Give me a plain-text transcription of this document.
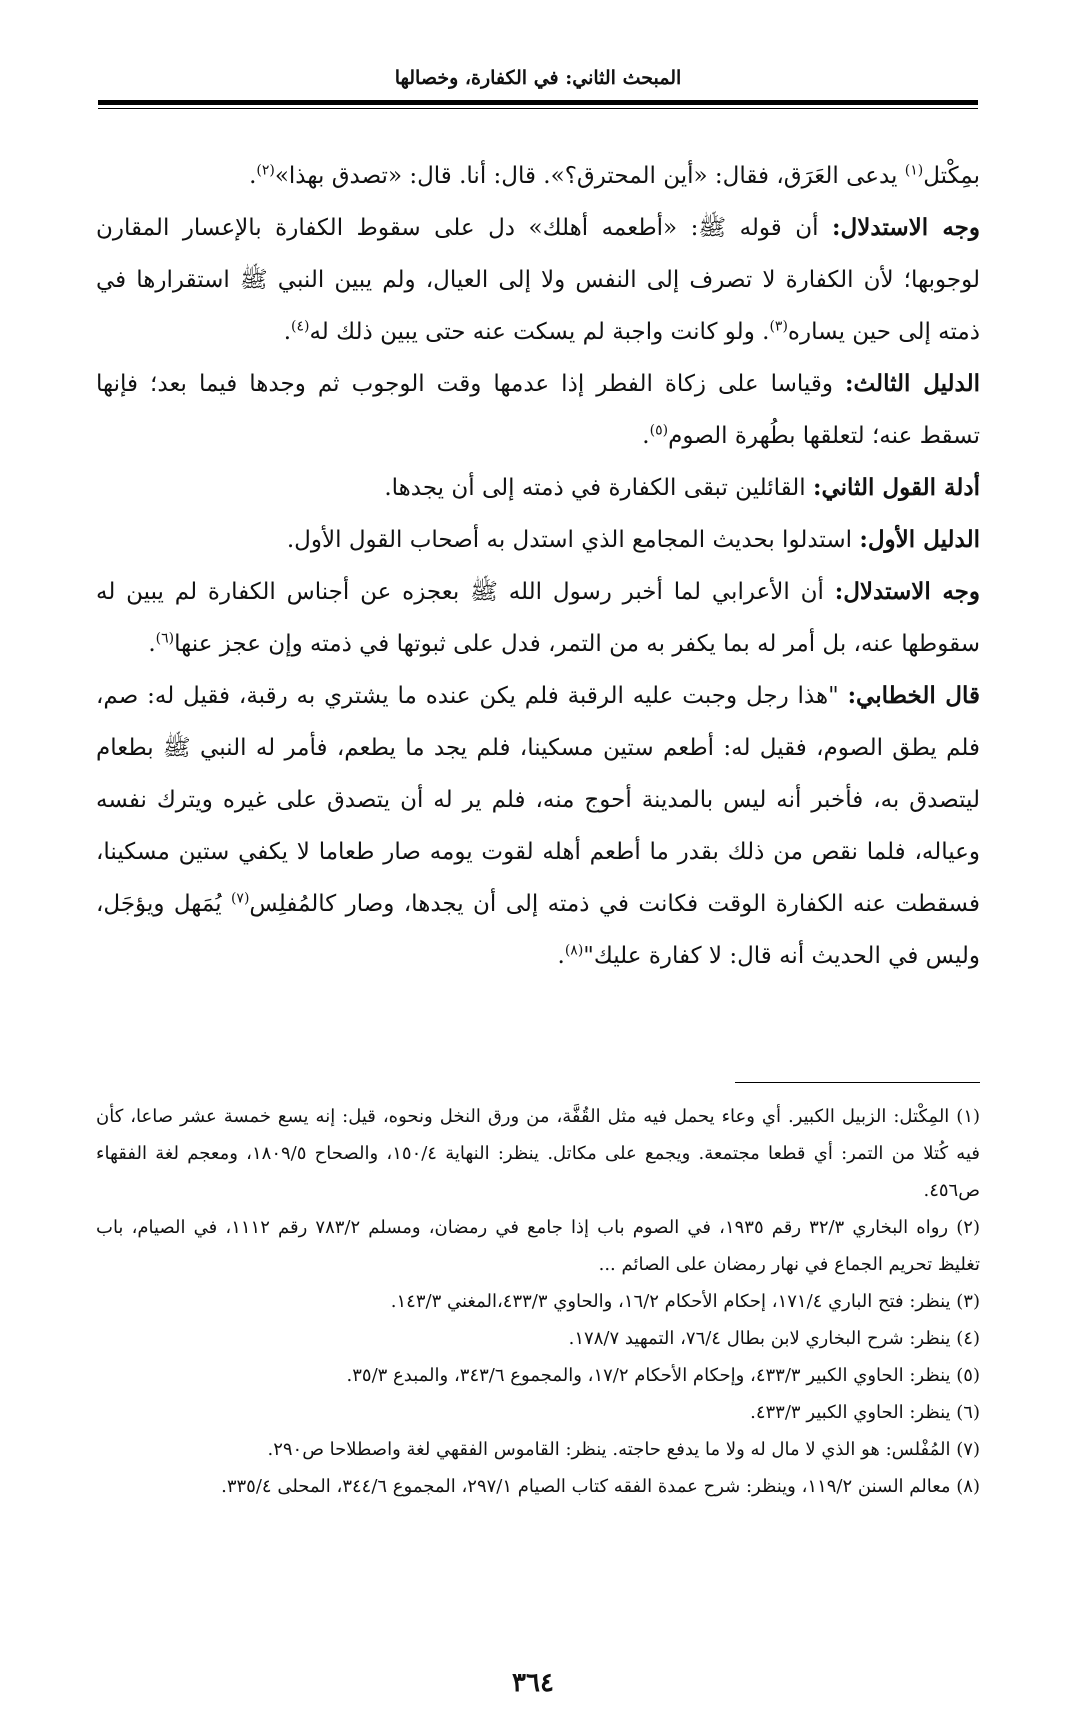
المبحث الثاني: في الكفارة، وخصالها

بمِكْتل$^{(١)}$ يدعى العَرَق، فقال: «أين المحترق؟». قال: أنا. قال: «تصدق بهذا»$^{(٢)}$.

وجه الاستدلال: أن قوله ﷺ: «أطعمه أهلك» دل على سقوط الكفارة بالإعسار المقارن لوجوبها؛ لأن الكفارة لا تصرف إلى النفس ولا إلى العيال، ولم يبين النبي ﷺ استقرارها في ذمته إلى حين يساره$^{(٣)}$. ولو كانت واجبة لم يسكت عنه حتى يبين ذلك له$^{(٤)}$.

الدليل الثالث: وقياسا على زكاة الفطر إذا عدمها وقت الوجوب ثم وجدها فيما بعد؛ فإنها تسقط عنه؛ لتعلقها بطُهرة الصوم$^{(٥)}$.

أدلة القول الثاني: القائلين تبقى الكفارة في ذمته إلى أن يجدها.

الدليل الأول: استدلوا بحديث المجامع الذي استدل به أصحاب القول الأول.

وجه الاستدلال: أن الأعرابي لما أخبر رسول الله ﷺ بعجزه عن أجناس الكفارة لم يبين له سقوطها عنه، بل أمر له بما يكفر به من التمر، فدل على ثبوتها في ذمته وإن عجز عنها$^{(٦)}$.

قال الخطابي: "هذا رجل وجبت عليه الرقبة فلم يكن عنده ما يشتري به رقبة، فقيل له: صم، فلم يطق الصوم، فقيل له: أطعم ستين مسكينا، فلم يجد ما يطعم، فأمر له النبي ﷺ بطعام ليتصدق به، فأخبر أنه ليس بالمدينة أحوج منه، فلم ير له أن يتصدق على غيره ويترك نفسه وعياله، فلما نقص من ذلك بقدر ما أطعم أهله لقوت يومه صار طعاما لا يكفي ستين مسكينا، فسقطت عنه الكفارة الوقت فكانت في ذمته إلى أن يجدها، وصار كالمُفلِس$^{(٧)}$ يُمَهل ويؤجَل، وليس في الحديث أنه قال: لا كفارة عليك"$^{(٨)}$.

(١) المِكْتل: الزبيل الكبير. أي وعاء يحمل فيه مثل القُفَّة، من ورق النخل ونحوه، قيل: إنه يسع خمسة عشر صاعا، كأن فيه كُتلا من التمر: أي قطعا مجتمعة. ويجمع على مكاتل. ينظر: النهاية ١٥٠/٤، والصحاح ١٨٠٩/٥، ومعجم لغة الفقهاء ص٤٥٦.

(٢) رواه البخاري ٣٢/٣ رقم ١٩٣٥، في الصوم باب إذا جامع في رمضان، ومسلم ٧٨٣/٢ رقم ١١١٢، في الصيام، باب تغليظ تحريم الجماع في نهار رمضان على الصائم ...

(٣) ينظر: فتح الباري ١٧١/٤، إحكام الأحكام ١٦/٢، والحاوي ٤٣٣/٣،المغني ١٤٣/٣.

(٤) ينظر: شرح البخاري لابن بطال ٧٦/٤، التمهيد ١٧٨/٧.

(٥) ينظر: الحاوي الكبير ٤٣٣/٣، وإحكام الأحكام ١٧/٢، والمجموع ٣٤٣/٦، والمبدع ٣٥/٣.

(٦) ينظر: الحاوي الكبير ٤٣٣/٣.

(٧) المُفْلس: هو الذي لا مال له ولا ما يدفع حاجته. ينظر: القاموس الفقهي لغة واصطلاحا ص٢٩٠.

(٨) معالم السنن ١١٩/٢، وينظر: شرح عمدة الفقه كتاب الصيام ٢٩٧/١، المجموع ٣٤٤/٦، المحلى ٣٣٥/٤.

٣٦٤
